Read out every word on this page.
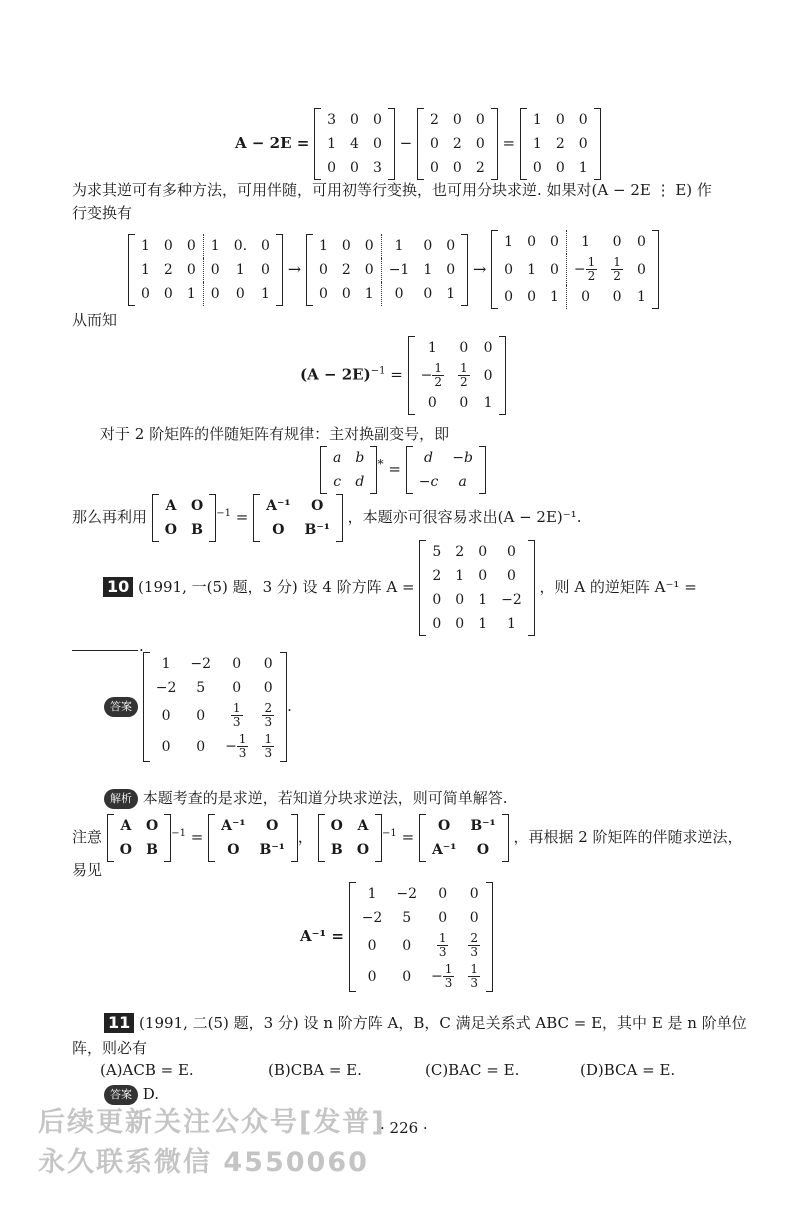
A − 2E =
3	0	0
1	4	0
0	0	3
−
2	0	0
0	2	0
0	0	2
=
1	0	0
1	2	0
0	0	1
为求其逆可有多种方法，可用伴随，可用初等行变换，也可用分块求逆. 如果对(A − 2E ⋮ E) 作
行变换有
1	0	0	1	0.	0
1	2	0	0	1	0
0	0	1	0	0	1
→
1	0	0	1	0	0
0	2	0	−1	1	0
0	0	1	0	0	1
→
1	0	0	1	0	0
0	1	0	− $\frac{1}{2}$	$\frac{1}{2}$	0
0	0	1	0	0	1
从而知
$(A - 2E)^{-1}$ =
1	0	0
− $\frac{1}{2}$	$\frac{1}{2}$	0
0	0	1
对于 2 阶矩阵的伴随矩阵有规律：主对换副变号，即
a	b
c	d
* =
d	−b
−c	a
那么再利用
A	O
O	B
$^{-1}$ =
A⁻¹	O
O	B⁻¹
，本题亦可很容易求出(A − 2E)⁻¹.
10 (1991, 一(5) 题，3 分) 设 4 阶方阵 A =
5	2	0	0
2	1	0	0
0	0	1	−2
0	0	1	1
，则 A 的逆矩阵 A⁻¹ =
.
答案
1	−2	0	0
−2	5	0	0
0	0	$\frac{1}{3}$	$\frac{2}{3}$

0	0	− $\frac{1}{3}$	$\frac{1}{3}$
.
解析 本题考查的是求逆，若知道分块求逆法，则可简单解答.
注意
A	O
O	B
$^{-1}$ =
A⁻¹	O
O	B⁻¹
，
O	A
B	O
$^{-1}$ =
O	B⁻¹
A⁻¹	O
，再根据 2 阶矩阵的伴随求逆法，
易见
A⁻¹ =
1	−2	0	0
−2	5	0	0
0	0	$\frac{1}{3}$	$\frac{2}{3}$

0	0	− $\frac{1}{3}$	$\frac{1}{3}$
11 (1991, 二(5) 题，3 分) 设 n 阶方阵 A，B，C 满足关系式 ABC = E，其中 E 是 n 阶单位
阵，则必有
(A)ACB = E.	(B)CBA = E.	(C)BAC = E.	(D)BCA = E.
答案 D.
· 226 ·
后续更新关注公众号[发普]
永久联系微信 4550060
